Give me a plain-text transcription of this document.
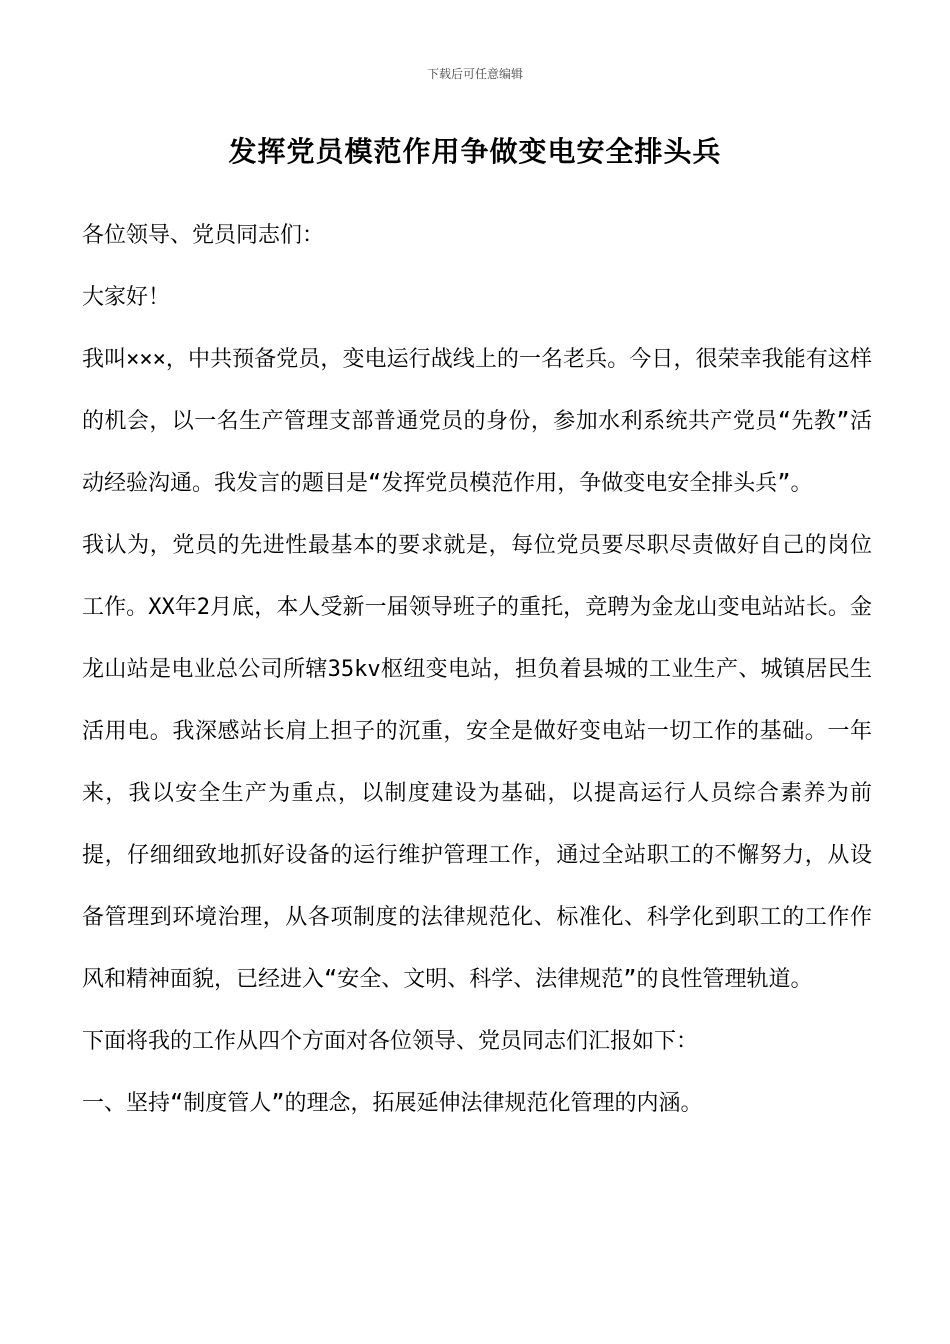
下载后可任意编辑
发挥党员模范作用争做变电安全排头兵

各位领导、党员同志们：

大家好！

我叫×××，中共预备党员，变电运行战线上的一名老兵。今日，很荣幸我能有这样的机会，以一名生产管理支部普通党员的身份，参加水利系统共产党员“先教”活动经验沟通。我发言的题目是“发挥党员模范作用，争做变电安全排头兵”。

我认为，党员的先进性最基本的要求就是，每位党员要尽职尽责做好自己的岗位工作。XX年2月底，本人受新一届领导班子的重托，竞聘为金龙山变电站站长。金龙山站是电业总公司所辖35kv枢纽变电站，担负着县城的工业生产、城镇居民生活用电。我深感站长肩上担子的沉重，安全是做好变电站一切工作的基础。一年来，我以安全生产为重点，以制度建设为基础，以提高运行人员综合素养为前提，仔细细致地抓好设备的运行维护管理工作，通过全站职工的不懈努力，从设备管理到环境治理，从各项制度的法律规范化、标准化、科学化到职工的工作作风和精神面貌，已经进入“安全、文明、科学、法律规范”的良性管理轨道。

下面将我的工作从四个方面对各位领导、党员同志们汇报如下：

一、坚持“制度管人”的理念，拓展延伸法律规范化管理的内涵。
